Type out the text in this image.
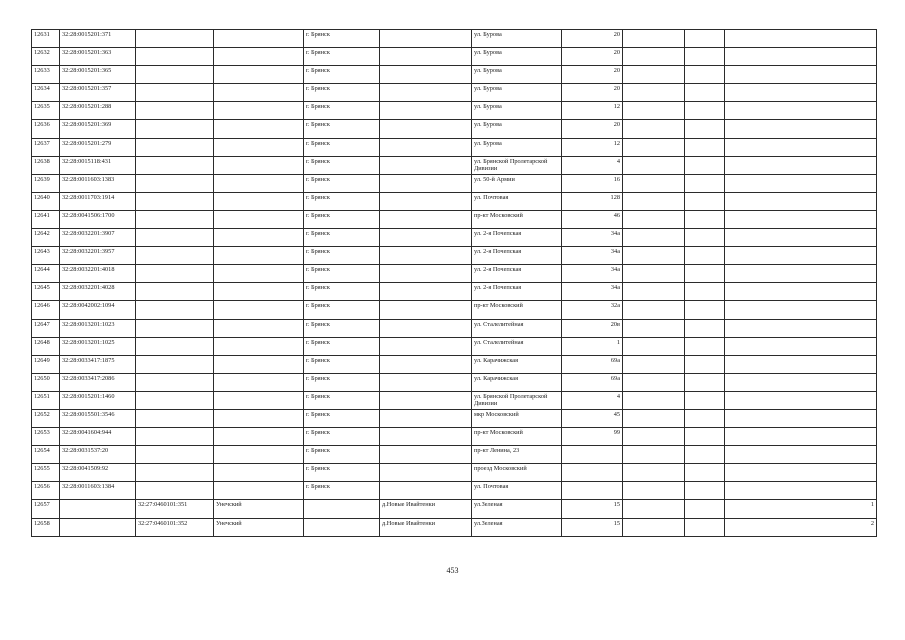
12631	32:28:0015201:371			г. Брянск		ул. Бурова	20			
12632	32:28:0015201:363			г. Брянск		ул. Бурова	20			
12633	32:28:0015201:365			г. Брянск		ул. Бурова	20			
12634	32:28:0015201:357			г. Брянск		ул. Бурова	20			
12635	32:28:0015201:288			г. Брянск		ул. Бурова	12			
12636	32:28:0015201:369			г. Брянск		ул. Бурова	20			
12637	32:28:0015201:279			г. Брянск		ул. Бурова	12			
12638	32:28:0015118:431			г. Брянск		ул. Брянской Пролетарской Дивизии	4			
12639	32:28:0011603:1383			г. Брянск		ул. 50-й Армии	16			
12640	32:28:0011703:1914			г. Брянск		ул. Почтовая	128			
12641	32:28:0041506:1700			г. Брянск		пр-кт Московский	46			
12642	32:28:0032201:3907			г. Брянск		ул. 2-я Почепская	34а			
12643	32:28:0032201:3957			г. Брянск		ул. 2-я Почепская	34а			
12644	32:28:0032201:4018			г. Брянск		ул. 2-я Почепская	34а			
12645	32:28:0032201:4028			г. Брянск		ул. 2-я Почепская	34а			
12646	32:28:0042002:1094			г. Брянск		пр-кт Московский	32а			
12647	32:28:0013201:1023			г. Брянск		ул. Сталелитейная	20в			
12648	32:28:0013201:1025			г. Брянск		ул. Сталелитейная	1			
12649	32:28:0033417:1875			г. Брянск		ул. Карачижская	69а			
12650	32:28:0033417:2086			г. Брянск		ул. Карачижская	69а			
12651	32:28:0015201:1460			г. Брянск		ул. Брянской Пролетарской Дивизии	4			
12652	32:28:0015501:3546			г. Брянск		мкр Московский	45			
12653	32:28:0041604:944			г. Брянск		пр-кт Московский	99			
12654	32:28:0031537:20			г. Брянск		пр-кт Ленина, 23				
12655	32:28:0041509:92			г. Брянск		проезд Московский				
12656	32:28:0011603:1384			г. Брянск		ул. Почтовая				
12657		32:27:0460101:351	Унечский		д.Новые Ивайтенки	ул.Зеленая	15			1
12658		32:27:0460101:352	Унечский		д.Новые Ивайтенки	ул.Зеленая	15			2
453
